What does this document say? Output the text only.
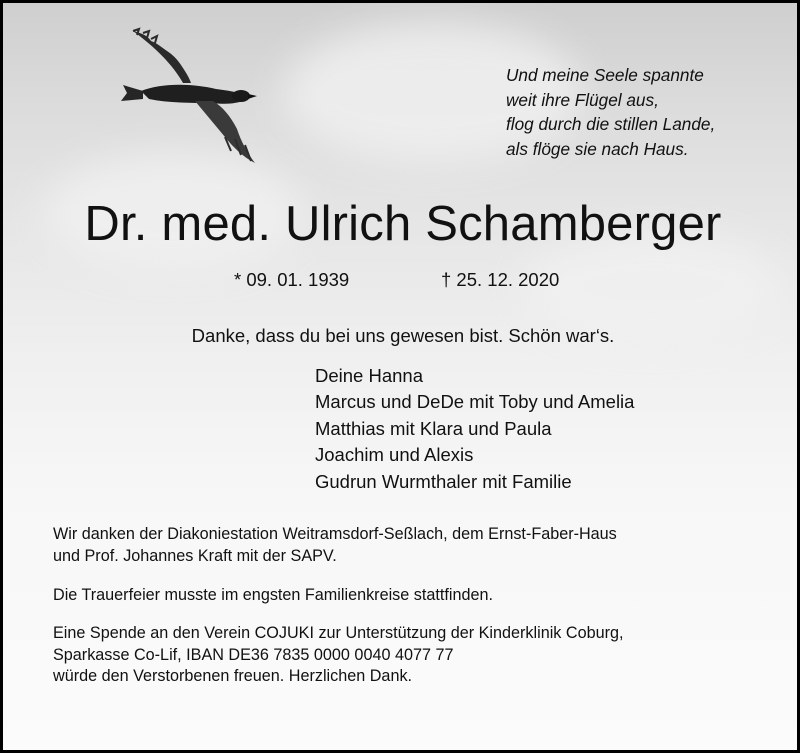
Und meine Seele spannte
weit ihre Flügel aus,
flog durch die stillen Lande,
als flöge sie nach Haus.
Dr. med. Ulrich Schamberger
* 09. 01. 1939	† 25. 12. 2020
Danke, dass du bei uns gewesen bist. Schön war‘s.
Deine Hanna
Marcus und DeDe mit Toby und Amelia
Matthias mit Klara und Paula
Joachim und Alexis
Gudrun Wurmthaler mit Familie
Wir danken der Diakoniestation Weitramsdorf-Seßlach, dem Ernst-Faber-Haus
und Prof. Johannes Kraft mit der SAPV.
Die Trauerfeier musste im engsten Familienkreise stattfinden.
Eine Spende an den Verein COJUKI zur Unterstützung der Kinderklinik Coburg,
Sparkasse Co-Lif, IBAN DE36 7835 0000 0040 4077 77
würde den Verstorbenen freuen. Herzlichen Dank.
